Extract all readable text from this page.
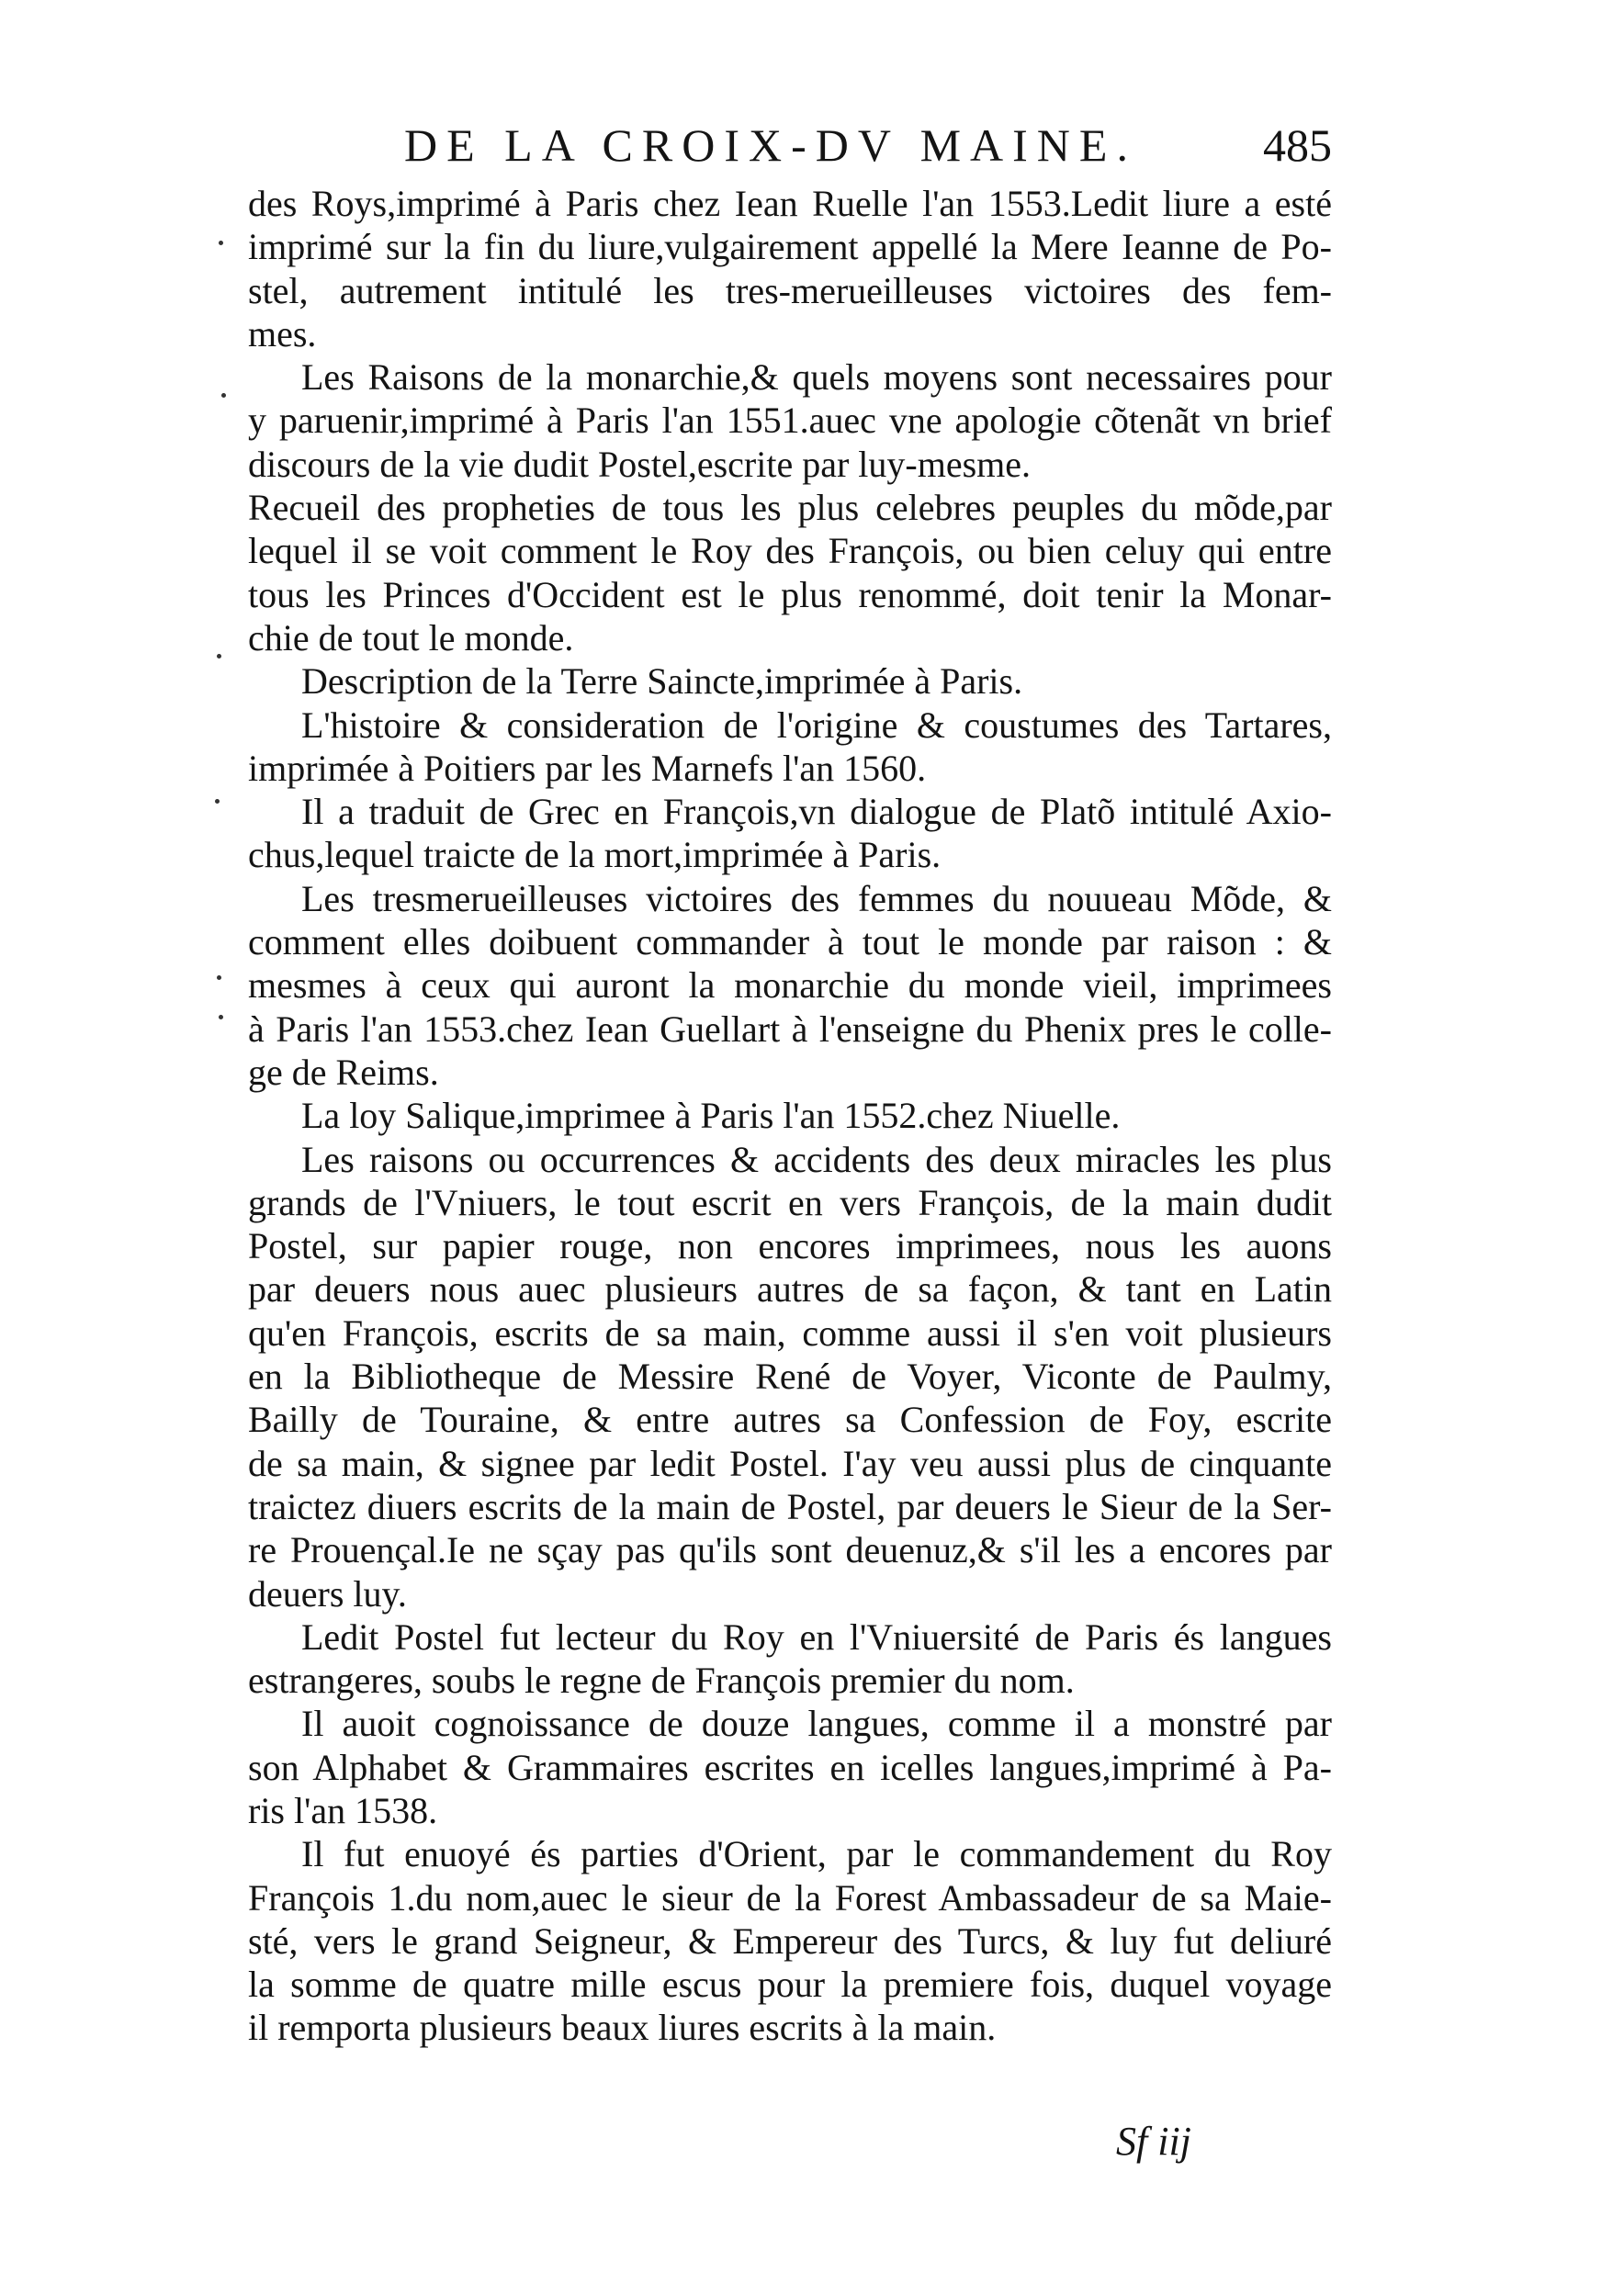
DE LA CROIX-DV MAINE.	485
des Roys,imprimé à Paris chez Iean Ruelle l'an 1553.Ledit liure a esté
imprimé sur la fin du liure,vulgairement appellé la Mere Ieanne de Po-
stel, autrement intitulé les tres-merueilleuses victoires des fem-
mes.
Les Raisons de la monarchie,& quels moyens sont necessaires pour
y paruenir,imprimé à Paris l'an 1551.auec vne apologie cõtenãt vn brief
discours de la vie dudit Postel,escrite par luy-mesme.
Recueil des propheties de tous les plus celebres peuples du mõde,par
lequel il se voit comment le Roy des François, ou bien celuy qui entre
tous les Princes d'Occident est le plus renommé, doit tenir la Monar-
chie de tout le monde.
Description de la Terre Saincte,imprimée à Paris.
L'histoire & consideration de l'origine & coustumes des Tartares,
imprimée à Poitiers par les Marnefs l'an 1560.
Il a traduit de Grec en François,vn dialogue de Platõ intitulé Axio-
chus,lequel traicte de la mort,imprimée à Paris.
Les tresmerueilleuses victoires des femmes du nouueau Mõde, &
comment elles doibuent commander à tout le monde par raison : &
mesmes à ceux qui auront la monarchie du monde vieil, imprimees
à Paris l'an 1553.chez Iean Guellart à l'enseigne du Phenix pres le colle-
ge de Reims.
La loy Salique,imprimee à Paris l'an 1552.chez Niuelle.
Les raisons ou occurrences & accidents des deux miracles les plus
grands de l'Vniuers, le tout escrit en vers François, de la main dudit
Postel, sur papier rouge, non encores imprimees, nous les auons
par deuers nous auec plusieurs autres de sa façon, & tant en Latin
qu'en François, escrits de sa main, comme aussi il s'en voit plusieurs
en la Bibliotheque de Messire René de Voyer, Viconte de Paulmy,
Bailly de Touraine, & entre autres sa Confession de Foy, escrite
de sa main, & signee par ledit Postel. I'ay veu aussi plus de cinquante
traictez diuers escrits de la main de Postel, par deuers le Sieur de la Ser-
re Prouençal.Ie ne sçay pas qu'ils sont deuenuz,& s'il les a encores par
deuers luy.
Ledit Postel fut lecteur du Roy en l'Vniuersité de Paris és langues
estrangeres, soubs le regne de François premier du nom.
Il auoit cognoissance de douze langues, comme il a monstré par
son Alphabet & Grammaires escrites en icelles langues,imprimé à Pa-
ris l'an 1538.
Il fut enuoyé és parties d'Orient, par le commandement du Roy
François 1.du nom,auec le sieur de la Forest Ambassadeur de sa Maie-
sté, vers le grand Seigneur, & Empereur des Turcs, & luy fut deliuré
la somme de quatre mille escus pour la premiere fois, duquel voyage
il remporta plusieurs beaux liures escrits à la main.
Sf iij
